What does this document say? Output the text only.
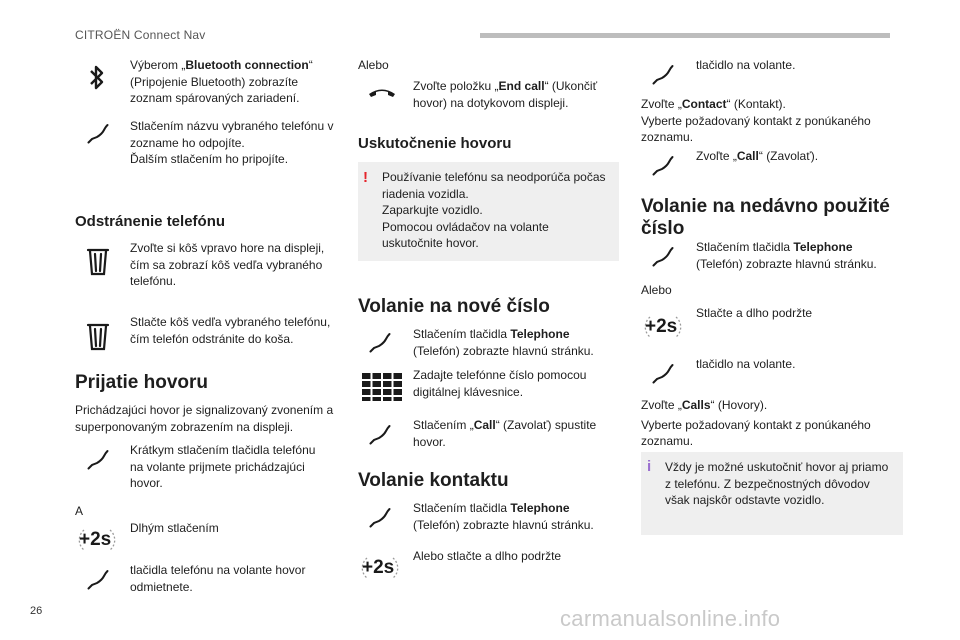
CITROËN Connect Nav
Výberom „Bluetooth connection“ (Pripojenie Bluetooth) zobrazíte zoznam spárovaných zariadení.
Stlačením názvu vybraného telefónu v zozname ho odpojíte.
Ďalším stlačením ho pripojíte.
Odstránenie telefónu
Zvoľte si kôš vpravo hore na displeji, čím sa zobrazí kôš vedľa vybraného telefónu.
Stlačte kôš vedľa vybraného telefónu, čím telefón odstránite do koša.
Prijatie hovoru
Prichádzajúci hovor je signalizovaný zvonením a superponovaným zobrazením na displeji.
Krátkym stlačením tlačidla telefónu na volante prijmete prichádzajúci hovor.
A
+2s
Dlhým stlačením
tlačidla telefónu na volante hovor odmietnete.
Alebo
Zvoľte položku „End call“ (Ukončiť hovor) na dotykovom displeji.
Uskutočnenie hovoru
! Používanie telefónu sa neodporúča počas riadenia vozidla.
Zaparkujte vozidlo.
Pomocou ovládačov na volante uskutočnite hovor.
Volanie na nové číslo
Stlačením tlačidla Telephone (Telefón) zobrazte hlavnú stránku.
Zadajte telefónne číslo pomocou digitálnej klávesnice.
Stlačením „Call“ (Zavolať) spustite hovor.
Volanie kontaktu
Stlačením tlačidla Telephone (Telefón) zobrazte hlavnú stránku.
+2s
Alebo stlačte a dlho podržte
tlačidlo na volante.
Zvoľte „Contact“ (Kontakt).
Vyberte požadovaný kontakt z ponúkaného zoznamu.
Zvoľte „Call“ (Zavolať).
Volanie na nedávno použité číslo
Stlačením tlačidla Telephone (Telefón) zobrazte hlavnú stránku.
Alebo
+2s
Stlačte a dlho podržte
tlačidlo na volante.
Zvoľte „Calls“ (Hovory).
Vyberte požadovaný kontakt z ponúkaného zoznamu.
i Vždy je možné uskutočniť hovor aj priamo z telefónu. Z bezpečnostných dôvodov však najskôr odstavte vozidlo.
26	carmanualsonline.info
